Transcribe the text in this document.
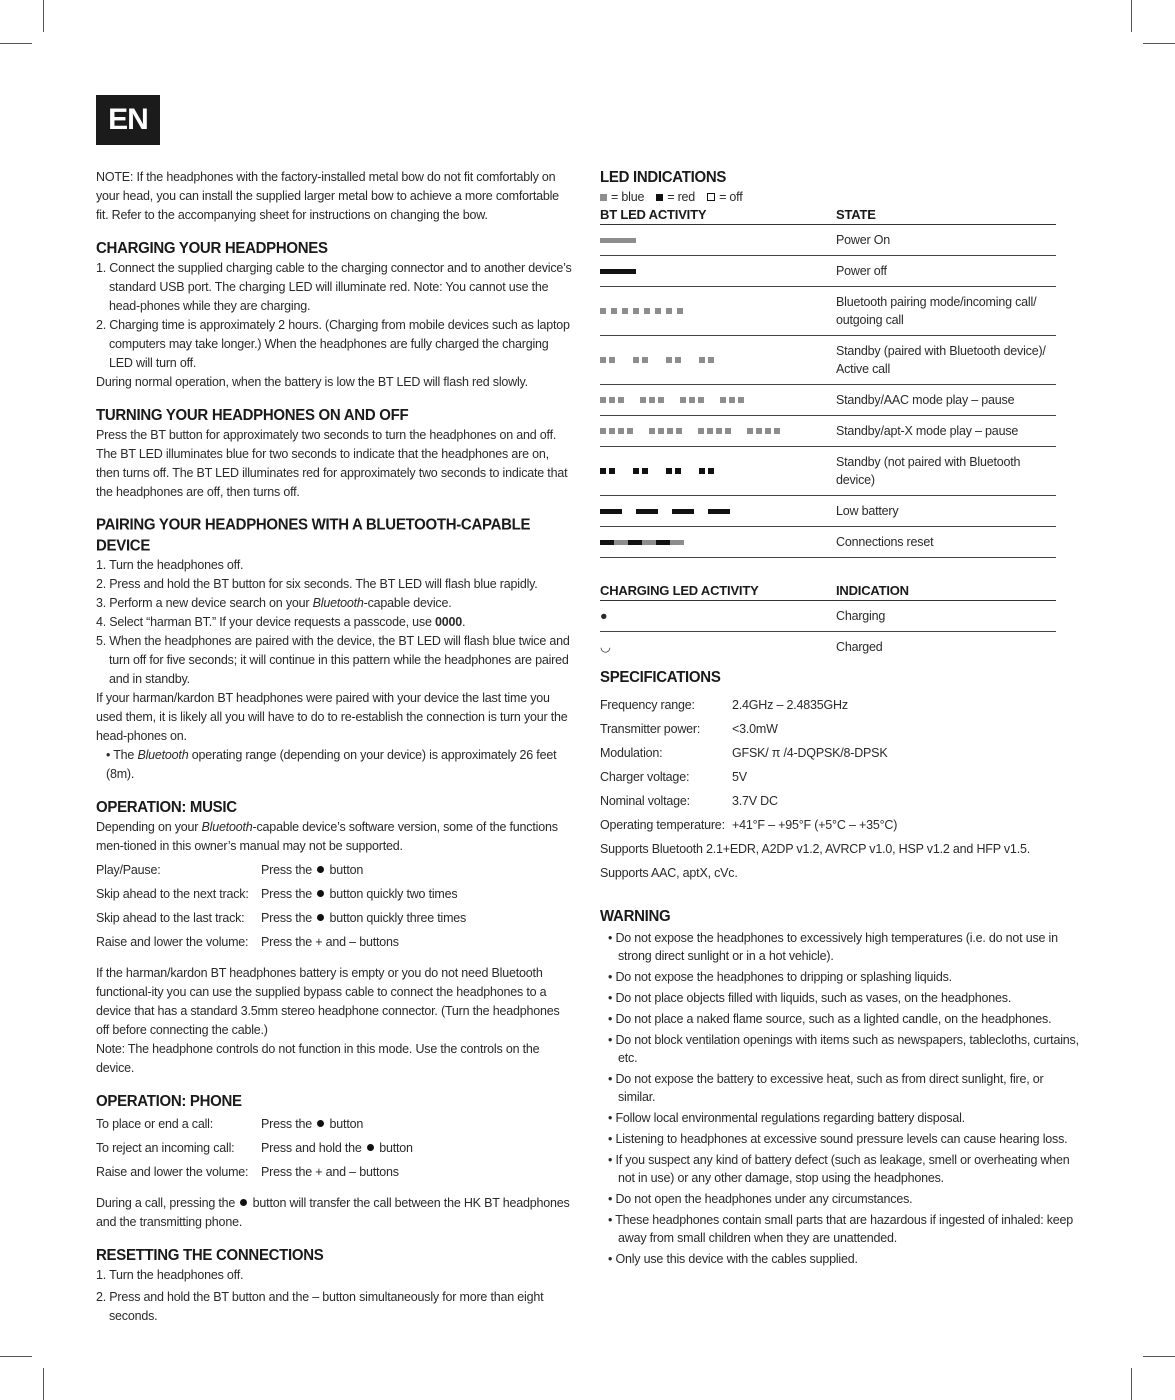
EN

NOTE: If the headphones with the factory-installed metal bow do not fit comfortably on your head, you can install the supplied larger metal bow to achieve a more comfortable fit. Refer to the accompanying sheet for instructions on changing the bow.

CHARGING YOUR HEADPHONES
1. Connect the supplied charging cable to the charging connector and to another device’s standard USB port. The charging LED will illuminate red. Note: You cannot use the head-phones while they are charging.
2. Charging time is approximately 2 hours. (Charging from mobile devices such as laptop computers may take longer.) When the headphones are fully charged the charging LED will turn off.

During normal operation, when the battery is low the BT LED will flash red slowly.

TURNING YOUR HEADPHONES ON AND OFF

Press the BT button for approximately two seconds to turn the headphones on and off. The BT LED illuminates blue for two seconds to indicate that the headphones are on, then turns off. The BT LED illuminates red for approximately two seconds to indicate that the headphones are off, then turns off.

PAIRING YOUR HEADPHONES WITH A BLUETOOTH-CAPABLE DEVICE
1. Turn the headphones off.
2. Press and hold the BT button for six seconds. The BT LED will flash blue rapidly.
3. Perform a new device search on your Bluetooth-capable device.
4. Select “harman BT.” If your device requests a passcode, use 0000.
5. When the headphones are paired with the device, the BT LED will flash blue twice and turn off for five seconds; it will continue in this pattern while the headphones are paired and in standby.

If your harman/kardon BT headphones were paired with your device the last time you used them, it is likely all you will have to do to re-establish the connection is turn your the head-phones on.

• The Bluetooth operating range (depending on your device) is approximately 26 feet (8m).

OPERATION: MUSIC

Depending on your Bluetooth-capable device’s software version, some of the functions men-tioned in this owner’s manual may not be supported.

Play/Pause:	Press the  button
Skip ahead to the next track: Press the  button quickly two times
Skip ahead to the last track:	Press the  button quickly three times
Raise and lower the volume:	Press the + and – buttons

If the harman/kardon BT headphones battery is empty or you do not need Bluetooth functional-ity you can use the supplied bypass cable to connect the headphones to a device that has a standard 3.5mm stereo headphone connector. (Turn the headphones off before connecting the cable.)

Note: The headphone controls do not function in this mode. Use the controls on the device.

OPERATION: PHONE
To place or end a call:	Press the  button
To reject an incoming call:	Press and hold the  button
Raise and lower the volume:	Press the + and – buttons

During a call, pressing the  button will transfer the call between the HK BT headphones and the transmitting phone.

RESETTING THE CONNECTIONS
1. Turn the headphones off.
2. Press and hold the BT button and the – button simultaneously for more than eight seconds.
LED INDICATIONS
= blue = red = off
BT LED ACTIVITY	STATE

	Power On

	Power off

	Bluetooth pairing mode/incoming call/ outgoing call

	Standby (paired with Bluetooth device)/ Active call

	Standby/AAC mode play – pause

	Standby/apt-X mode play – pause

	Standby (not paired with Bluetooth device)

	Low battery

	Connections reset
CHARGING LED ACTIVITY	INDICATION
●	Charging
◡	Charged
SPECIFICATIONS
Frequency range:	2.4GHz – 2.4835GHz
Transmitter power:	<3.0mW
Modulation:	GFSK/ π /4-DQPSK/8-DPSK
Charger voltage:	5V
Nominal voltage:	3.7V DC
Operating temperature: +41°F – +95°F (+5°C – +35°C)
Supports Bluetooth 2.1+EDR, A2DP v1.2, AVRCP v1.0, HSP v1.2 and HFP v1.5.
Supports AAC, aptX, cVc.
WARNING
• Do not expose the headphones to excessively high temperatures (i.e. do not use in strong direct sunlight or in a hot vehicle).
• Do not expose the headphones to dripping or splashing liquids.
• Do not place objects filled with liquids, such as vases, on the headphones.
• Do not place a naked flame source, such as a lighted candle, on the headphones.
• Do not block ventilation openings with items such as newspapers, tablecloths, curtains, etc.
• Do not expose the battery to excessive heat, such as from direct sunlight, fire, or similar.
• Follow local environmental regulations regarding battery disposal.
• Listening to headphones at excessive sound pressure levels can cause hearing loss.
• If you suspect any kind of battery defect (such as leakage, smell or overheating when not in use) or any other damage, stop using the headphones.
• Do not open the headphones under any circumstances.
• These headphones contain small parts that are hazardous if ingested of inhaled: keep away from small children when they are unattended.
• Only use this device with the cables supplied.
